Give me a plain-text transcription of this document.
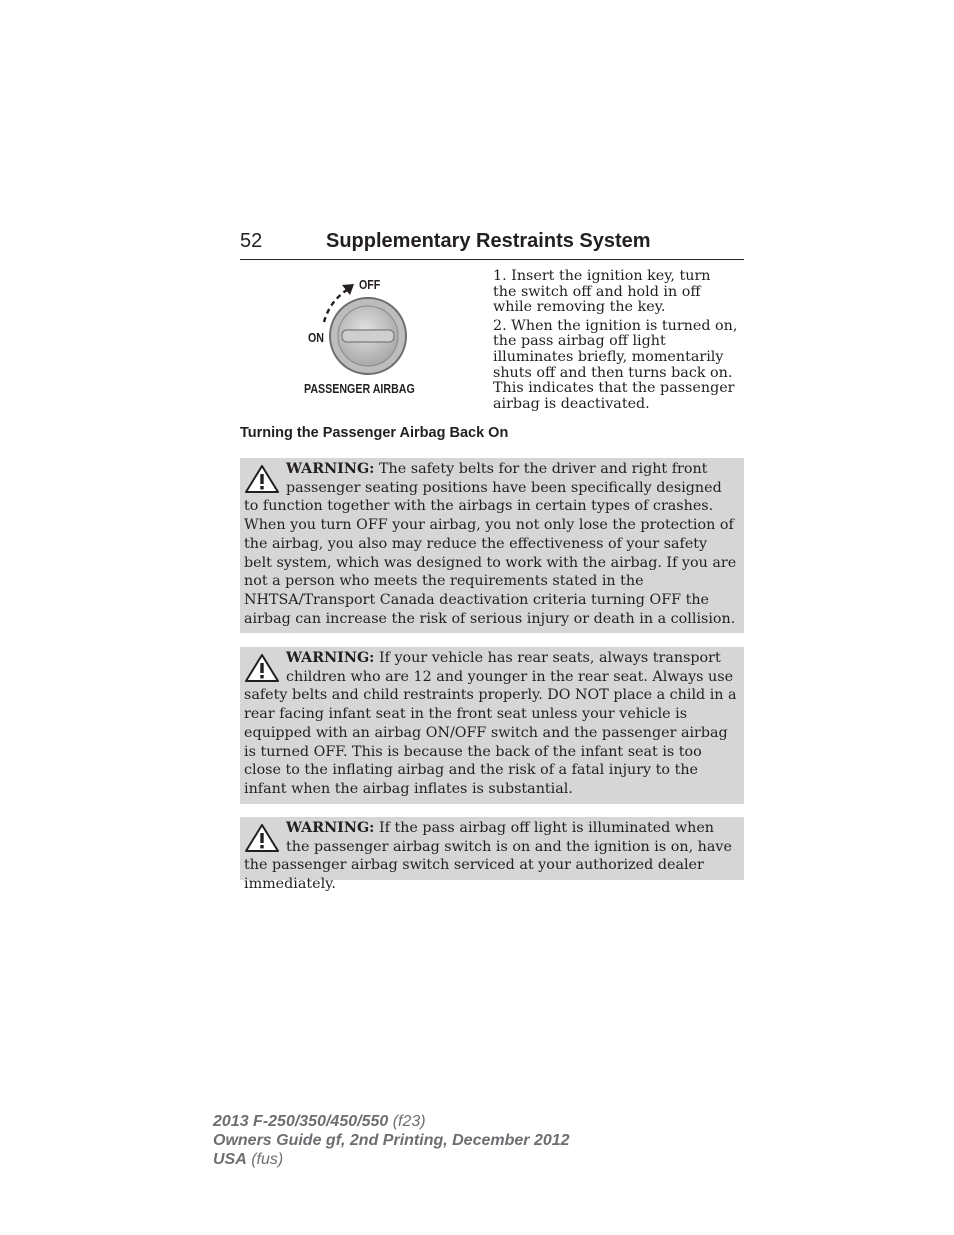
52	Supplementary Restraints System
OFF
ON
PASSENGER AIRBAG

1. Insert the ignition key, turn the switch off and hold in off while removing the key.

2. When the ignition is turned on, the pass airbag off light illuminates briefly, momentarily shuts off and then turns back on. This indicates that the passenger airbag is deactivated.

Turning the Passenger Airbag Back On
WARNING: The safety belts for the driver and right front passenger seating positions have been specifically designed to function together with the airbags in certain types of crashes. When you turn OFF your airbag, you not only lose the protection of the airbag, you also may reduce the effectiveness of your safety belt system, which was designed to work with the airbag. If you are not a person who meets the requirements stated in the NHTSA/Transport Canada deactivation criteria turning OFF the airbag can increase the risk of serious injury or death in a collision.
WARNING: If your vehicle has rear seats, always transport children who are 12 and younger in the rear seat. Always use safety belts and child restraints properly. DO NOT place a child in a rear facing infant seat in the front seat unless your vehicle is equipped with an airbag ON/OFF switch and the passenger airbag is turned OFF. This is because the back of the infant seat is too close to the inflating airbag and the risk of a fatal injury to the infant when the airbag inflates is substantial.
WARNING: If the pass airbag off light is illuminated when the passenger airbag switch is on and the ignition is on, have the passenger airbag switch serviced at your authorized dealer immediately.
2013 F-250/350/450/550 (f23)
Owners Guide gf, 2nd Printing, December 2012
USA (fus)
